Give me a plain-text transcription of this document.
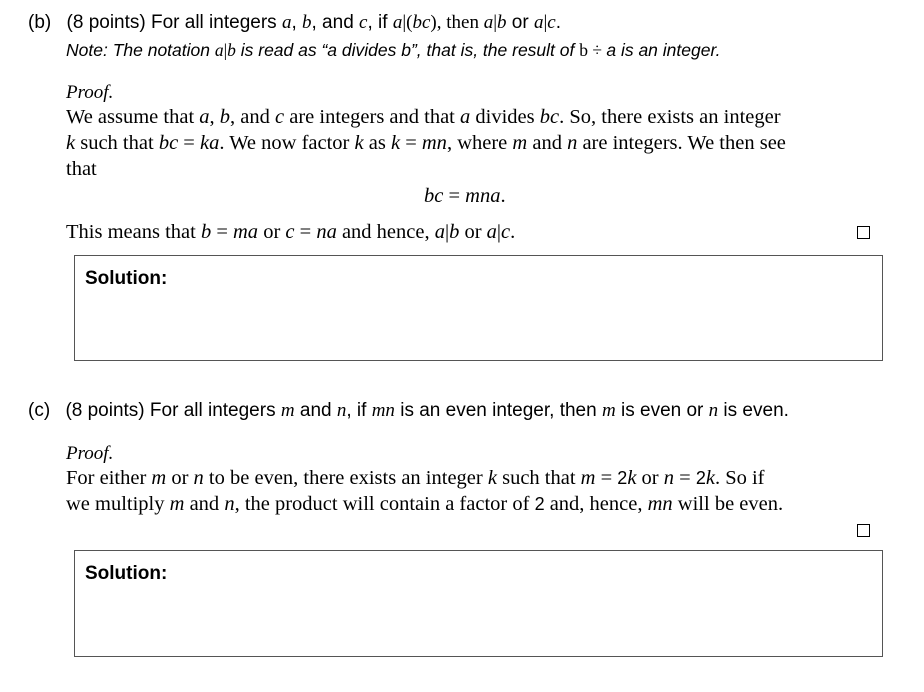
(b) (8 points) For all integers a, b, and c, if a|(bc), then a|b or a|c.
Note: The notation a|b is read as “a divides b”, that is, the result of b ÷ a is an integer.
Proof.
We assume that a, b, and c are integers and that a divides bc. So, there exists an integer
k such that bc = ka. We now factor k as k = mn, where m and n are integers. We then see
that
bc = mna.
This means that b = ma or c = na and hence, a|b or a|c.
Solution:
(c) (8 points) For all integers m and n, if mn is an even integer, then m is even or n is even.
Proof.
For either m or n to be even, there exists an integer k such that m = 2k or n = 2k. So if
we multiply m and n, the product will contain a factor of 2 and, hence, mn will be even.
Solution:
